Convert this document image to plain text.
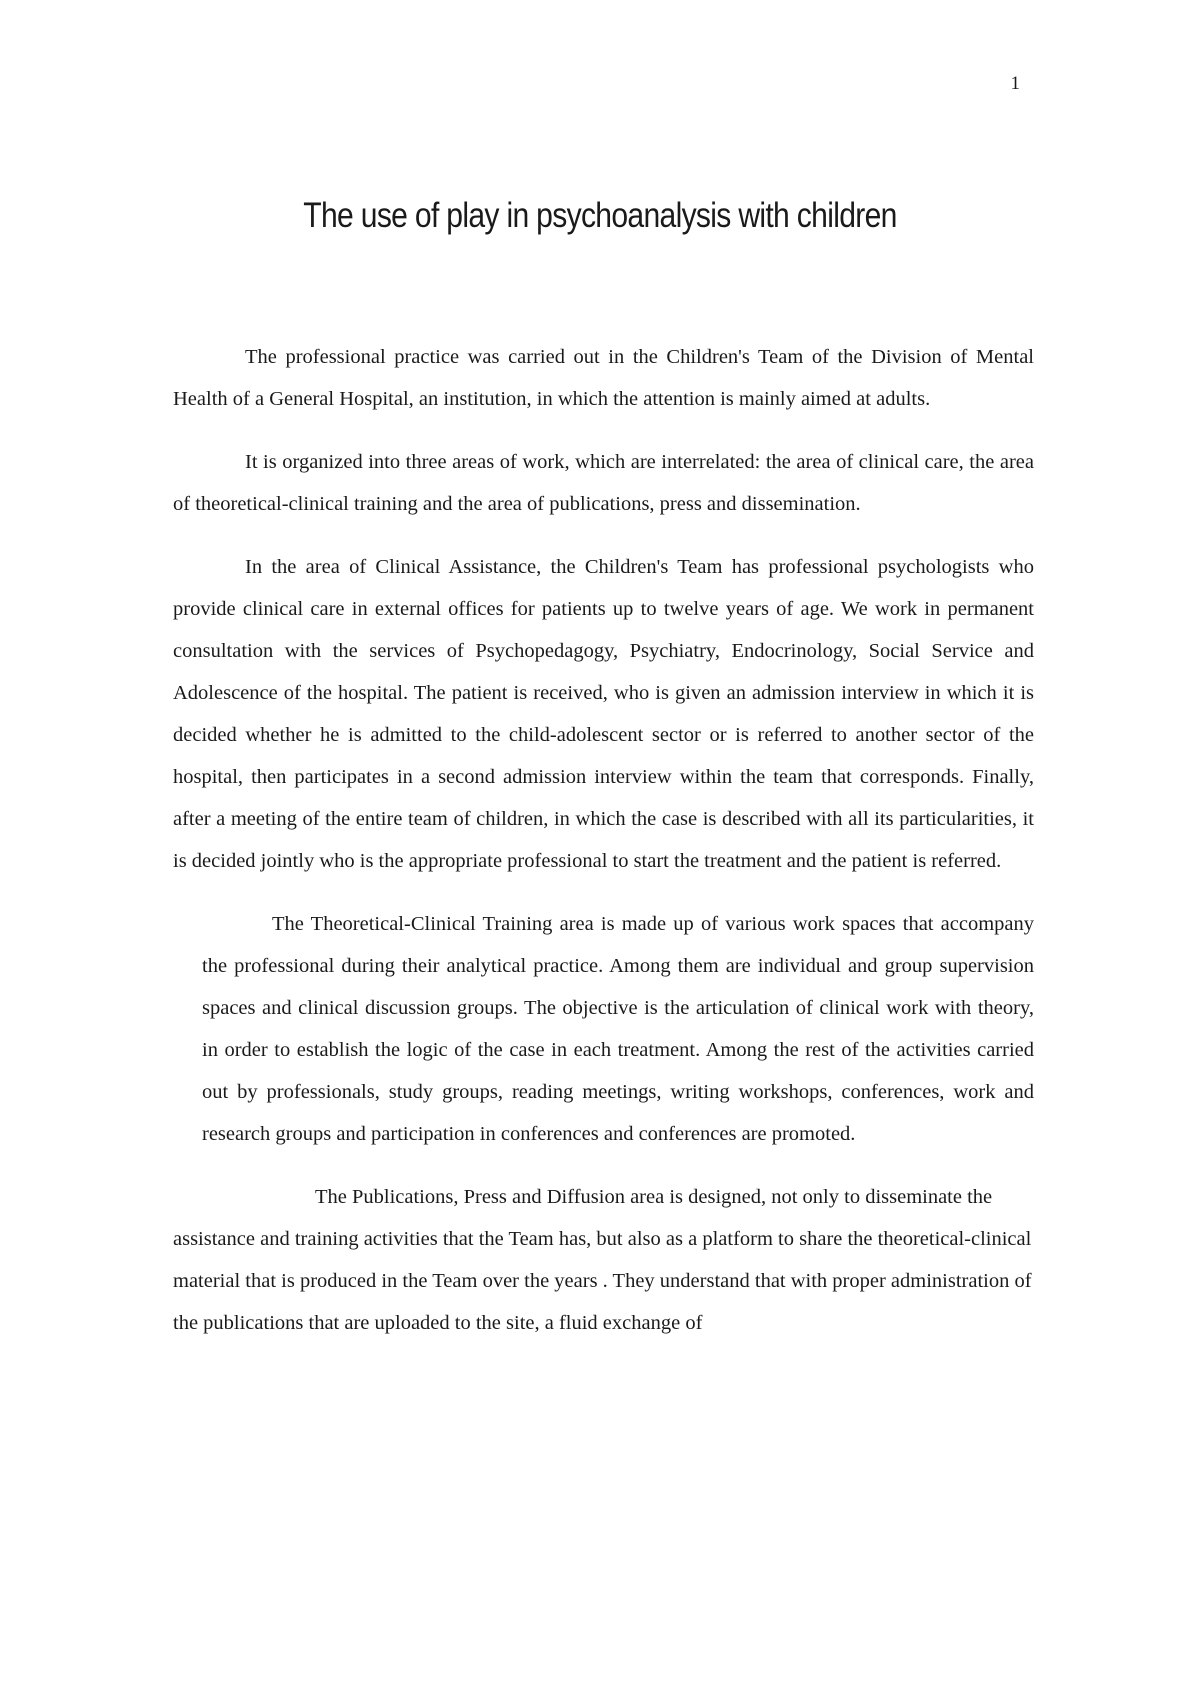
1
The use of play in psychoanalysis with children

The professional practice was carried out in the Children's Team of the Division of Mental Health of a General Hospital, an institution, in which the attention is mainly aimed at adults.

It is organized into three areas of work, which are interrelated: the area of clinical care, the area of theoretical-clinical training and the area of publications, press and dissemination.

In the area of Clinical Assistance, the Children's Team has professional psychologists who provide clinical care in external offices for patients up to twelve years of age. We work in permanent consultation with the services of Psychopedagogy, Psychiatry, Endocrinology, Social Service and Adolescence of the hospital. The patient is received, who is given an admission interview in which it is decided whether he is admitted to the child-adolescent sector or is referred to another sector of the hospital, then participates in a second admission interview within the team that corresponds. Finally, after a meeting of the entire team of children, in which the case is described with all its particularities, it is decided jointly who is the appropriate professional to start the treatment and the patient is referred.

The Theoretical-Clinical Training area is made up of various work spaces that accompany the professional during their analytical practice. Among them are individual and group supervision spaces and clinical discussion groups. The objective is the articulation of clinical work with theory, in order to establish the logic of the case in each treatment. Among the rest of the activities carried out by professionals, study groups, reading meetings, writing workshops, conferences, work and research groups and participation in conferences and conferences are promoted.

The Publications, Press and Diffusion area is designed, not only to disseminate the assistance and training activities that the Team has, but also as a platform to share the theoretical-clinical material that is produced in the Team over the years . They understand that with proper administration of the publications that are uploaded to the site, a fluid exchange of
